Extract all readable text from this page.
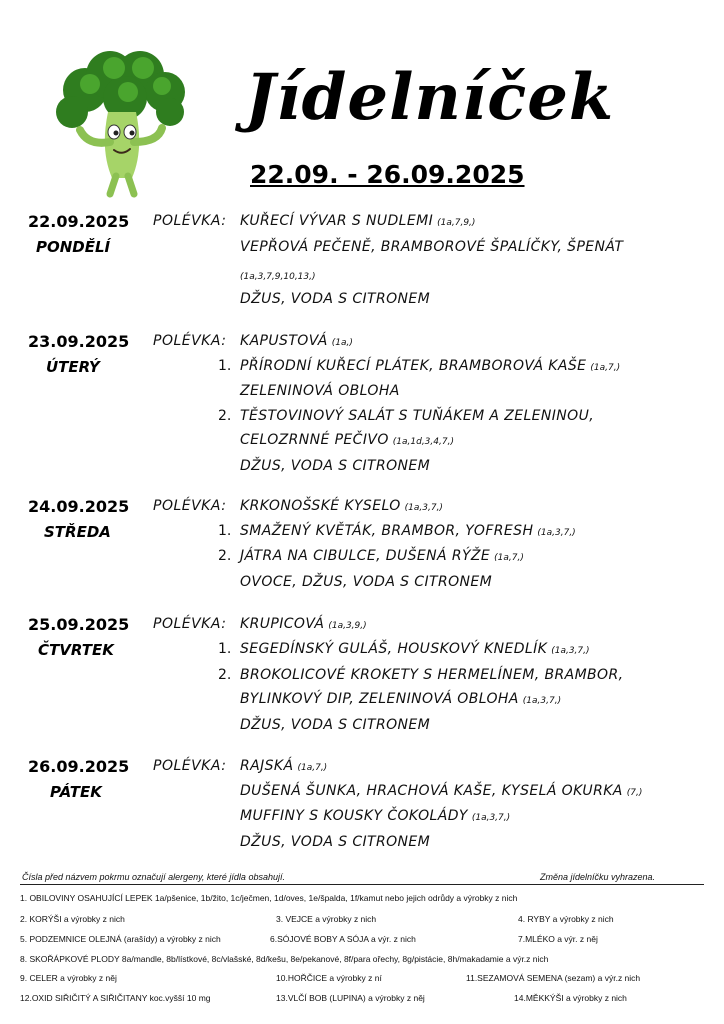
Jídelníček
22.09. - 26.09.2025
22.09.2025
PONDĚLÍ
POLÉVKA: KUŘECÍ VÝVAR S NUDLEMI (1a,7,9,)
VEPŘOVÁ PEČENĚ, BRAMBOROVÉ ŠPALÍČKY, ŠPENÁT
(1a,3,7,9,10,13,)
DŽUS, VODA S CITRONEM
23.09.2025
ÚTERÝ
POLÉVKA: KAPUSTOVÁ (1a,)
1. PŘÍRODNÍ KUŘECÍ PLÁTEK, BRAMBOROVÁ KAŠE (1a,7,)
ZELENINOVÁ OBLOHA
2. TĚSTOVINOVÝ SALÁT S TUŇÁKEM A ZELENINOU,
CELOZRNNÉ PEČIVO (1a,1d,3,4,7,)
DŽUS, VODA S CITRONEM
24.09.2025
STŘEDA
POLÉVKA: KRKONOŠSKÉ KYSELO (1a,3,7,)
1. SMAŽENÝ KVĚTÁK, BRAMBOR, YOFRESH (1a,3,7,)
2. JÁTRA NA CIBULCE, DUŠENÁ RÝŽE (1a,7,)
OVOCE, DŽUS, VODA S CITRONEM
25.09.2025
ČTVRTEK
POLÉVKA: KRUPICOVÁ (1a,3,9,)
1. SEGEDÍNSKÝ GULÁŠ, HOUSKOVÝ KNEDLÍK (1a,3,7,)
2. BROKOLICOVÉ KROKETY S HERMELÍNEM, BRAMBOR,
BYLINKOVÝ DIP, ZELENINOVÁ OBLOHA (1a,3,7,)
DŽUS, VODA S CITRONEM
26.09.2025
PÁTEK
POLÉVKA: RAJSKÁ (1a,7,)
DUŠENÁ ŠUNKA, HRACHOVÁ KAŠE, KYSELÁ OKURKA (7,)
MUFFINY S KOUSKY ČOKOLÁDY (1a,3,7,)
DŽUS, VODA S CITRONEM
Čísla před názvem pokrmu označují alergeny, které jídla obsahují.	Změna jídelníčku vyhrazena.
1. OBILOVINY OSAHUJÍCÍ LEPEK 1a/pšenice, 1b/žito, 1c/ječmen, 1d/oves, 1e/špalda, 1f/kamut nebo jejich odrůdy a výrobky z nich
2. KORÝŠI a výrobky z nich	3. VEJCE a výrobky z nich	4. RYBY a výrobky z nich
5. PODZEMNICE OLEJNÁ (arašídy) a výrobky z nich	6.SÓJOVÉ BOBY A SÓJA a výr. z nich	7.MLÉKO a výr. z něj
8. SKOŘÁPKOVÉ PLODY 8a/mandle, 8b/lístkové, 8c/vlašské, 8d/kešu, 8e/pekanové, 8f/para ořechy, 8g/pistácie, 8h/makadamie a výr.z nich
9. CELER a výrobky z něj	10.HOŘČICE a výrobky z ní	11.SEZAMOVÁ SEMENA (sezam) a výr.z nich
12.OXID SIŘIČITÝ A SIŘIČITANY koc.vyšší 10 mg	13.VLČÍ BOB (LUPINA) a výrobky z něj	14.MĚKKÝŠI a výrobky z nich
